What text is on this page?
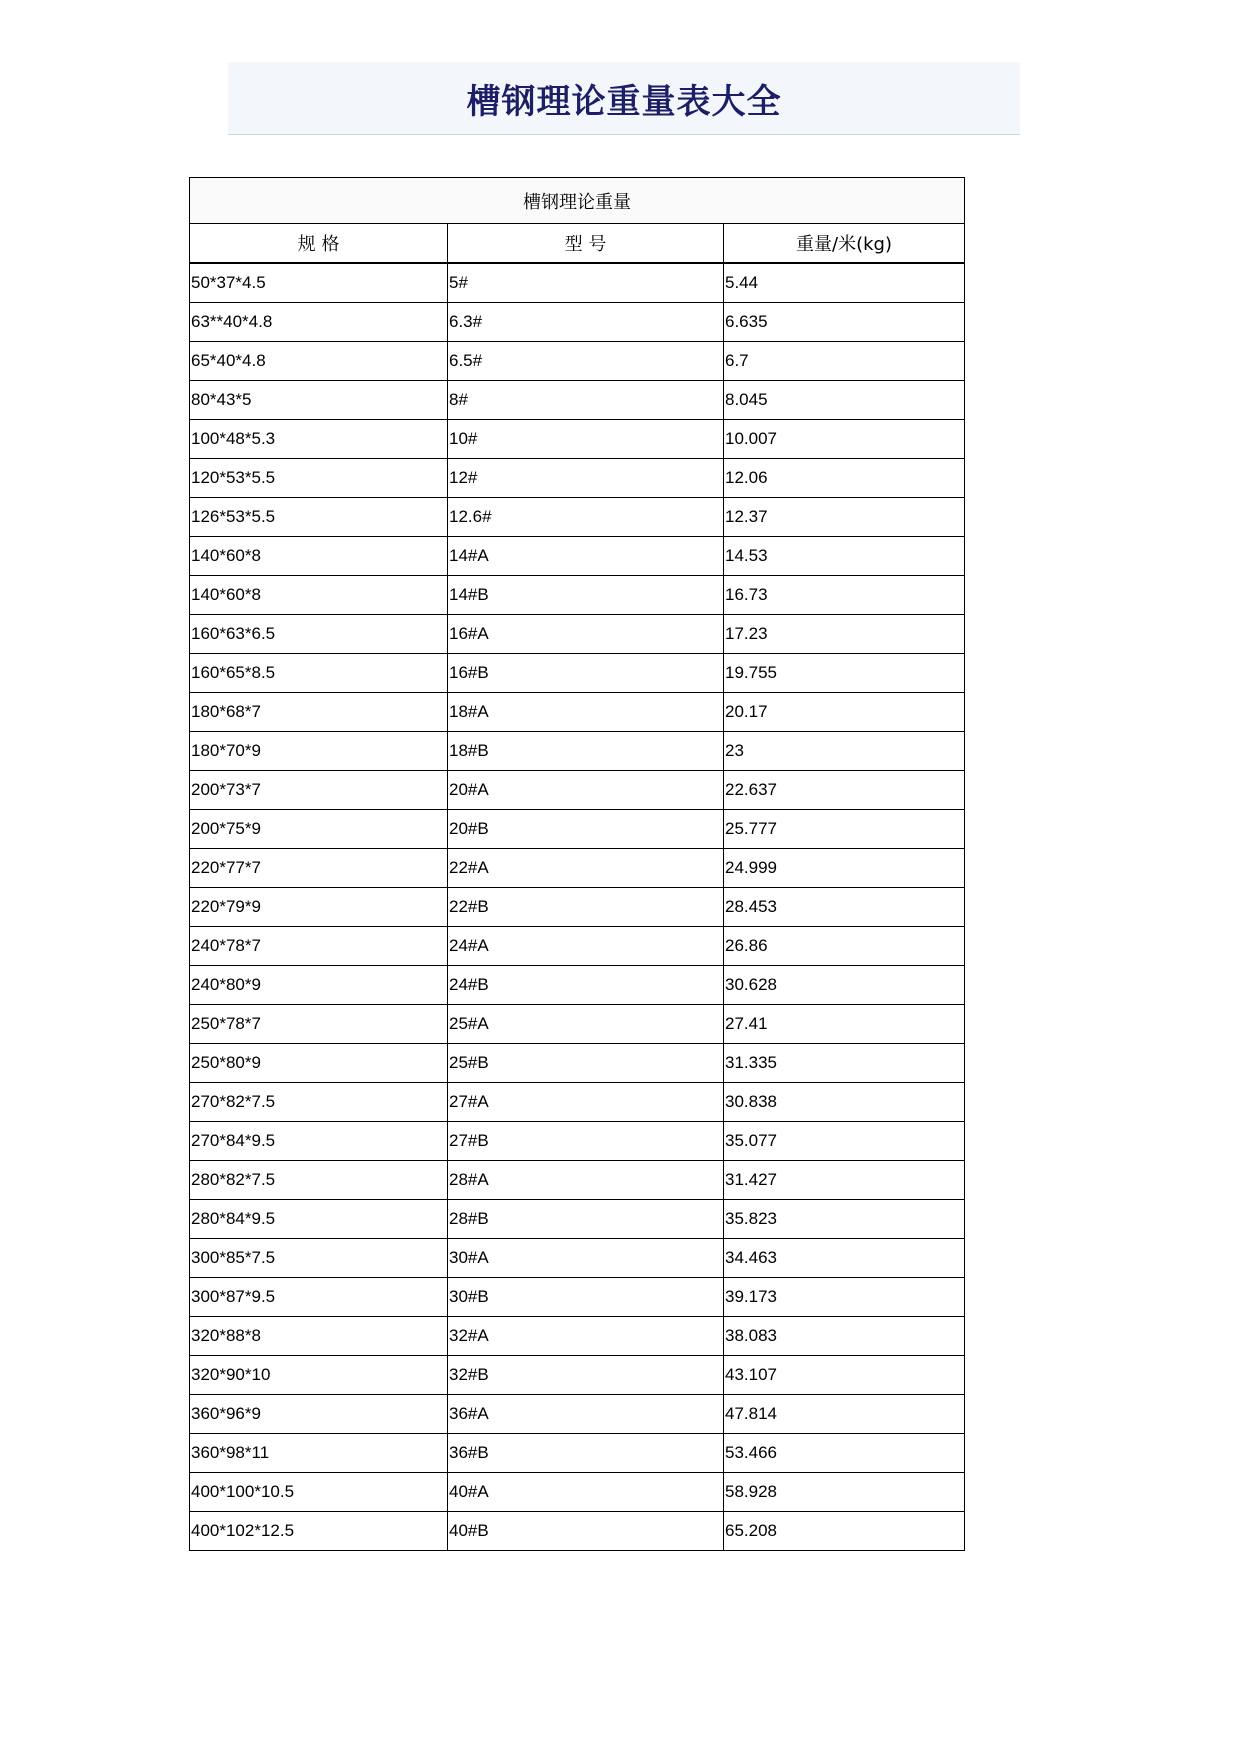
槽钢理论重量表大全
槽钢理论重量		
规 格	型 号	重量/米(kg)
50*37*4.5	5#	5.44
63**40*4.8	6.3#	6.635
65*40*4.8	6.5#	6.7
80*43*5	8#	8.045
100*48*5.3	10#	10.007
120*53*5.5	12#	12.06
126*53*5.5	12.6#	12.37
140*60*8	14#A	14.53
140*60*8	14#B	16.73
160*63*6.5	16#A	17.23
160*65*8.5	16#B	19.755
180*68*7	18#A	20.17
180*70*9	18#B	23
200*73*7	20#A	22.637
200*75*9	20#B	25.777
220*77*7	22#A	24.999
220*79*9	22#B	28.453
240*78*7	24#A	26.86
240*80*9	24#B	30.628
250*78*7	25#A	27.41
250*80*9	25#B	31.335
270*82*7.5	27#A	30.838
270*84*9.5	27#B	35.077
280*82*7.5	28#A	31.427
280*84*9.5	28#B	35.823
300*85*7.5	30#A	34.463
300*87*9.5	30#B	39.173
320*88*8	32#A	38.083
320*90*10	32#B	43.107
360*96*9	36#A	47.814
360*98*11	36#B	53.466
400*100*10.5	40#A	58.928
400*102*12.5	40#B	65.208
